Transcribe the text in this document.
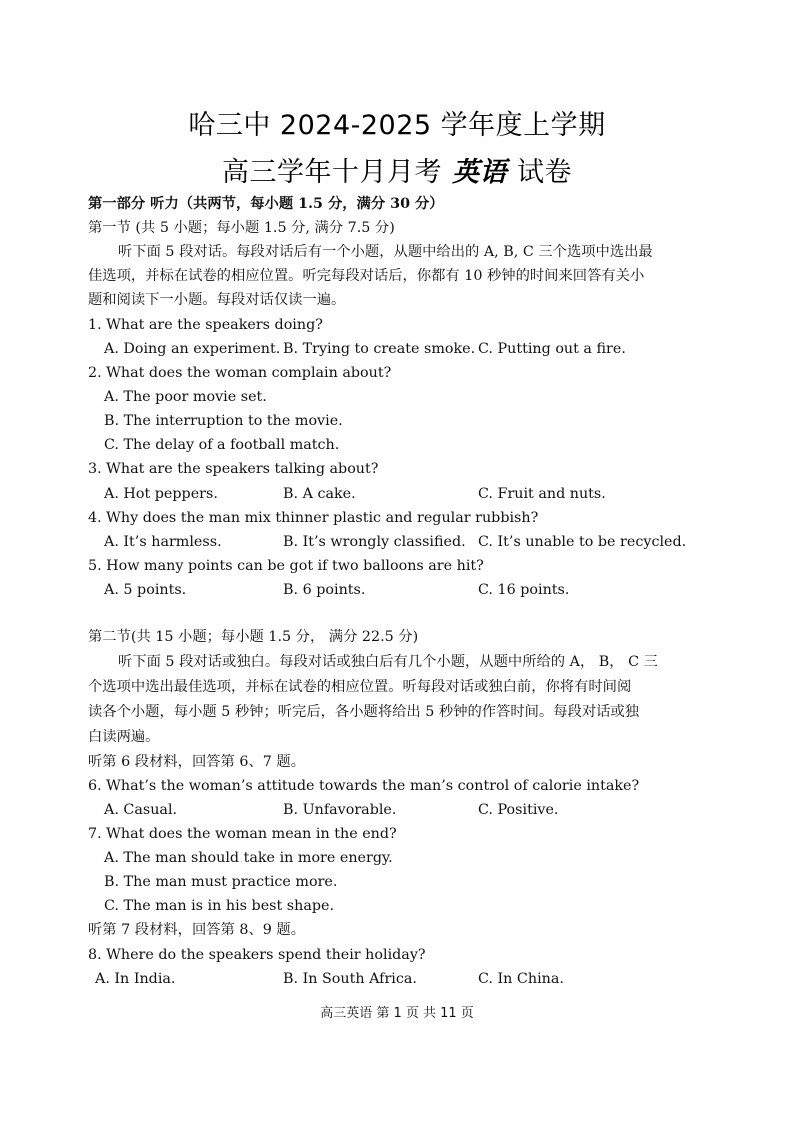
哈三中 2024-2025 学年度上学期
高三学年十月月考 英语 试卷
第一部分 听力（共两节，每小题 1.5 分，满分 30 分）
第一节 (共 5 小题；每小题 1.5 分, 满分 7.5 分)
听下面 5 段对话。每段对话后有一个小题，从题中给出的 A, B, C 三个选项中选出最
佳选项，并标在试卷的相应位置。听完每段对话后，你都有 10 秒钟的时间来回答有关小
题和阅读下一小题。每段对话仅读一遍。
1. What are the speakers doing?
A. Doing an experiment. B. Trying to create smoke. C. Putting out a fire.
2. What does the woman complain about?
A. The poor movie set.
B. The interruption to the movie.
C. The delay of a football match.
3. What are the speakers talking about?
A. Hot peppers.	B. A cake.	C. Fruit and nuts.
4. Why does the man mix thinner plastic and regular rubbish?
A. It’s harmless.	B. It’s wrongly classified. C. It’s unable to be recycled.
5. How many points can be got if two balloons are hit?
A. 5 points.	B. 6 points.	C. 16 points.
第二节(共 15 小题；每小题 1.5 分， 满分 22.5 分)
听下面 5 段对话或独白。每段对话或独白后有几个小题，从题中所给的 A， B， C 三
个选项中选出最佳选项，并标在试卷的相应位置。听每段对话或独白前，你将有时间阅
读各个小题，每小题 5 秒钟；听完后，各小题将给出 5 秒钟的作答时间。每段对话或独
白读两遍。
听第 6 段材料，回答第 6、7 题。
6. What’s the woman’s attitude towards the man’s control of calorie intake?
A. Casual.	B. Unfavorable.	C. Positive.
7. What does the woman mean in the end?
A. The man should take in more energy.
B. The man must practice more.
C. The man is in his best shape.
听第 7 段材料，回答第 8、9 题。
8. Where do the speakers spend their holiday?
A. In India.	B. In South Africa.	C. In China.
高三英语 第 1 页 共 11 页
